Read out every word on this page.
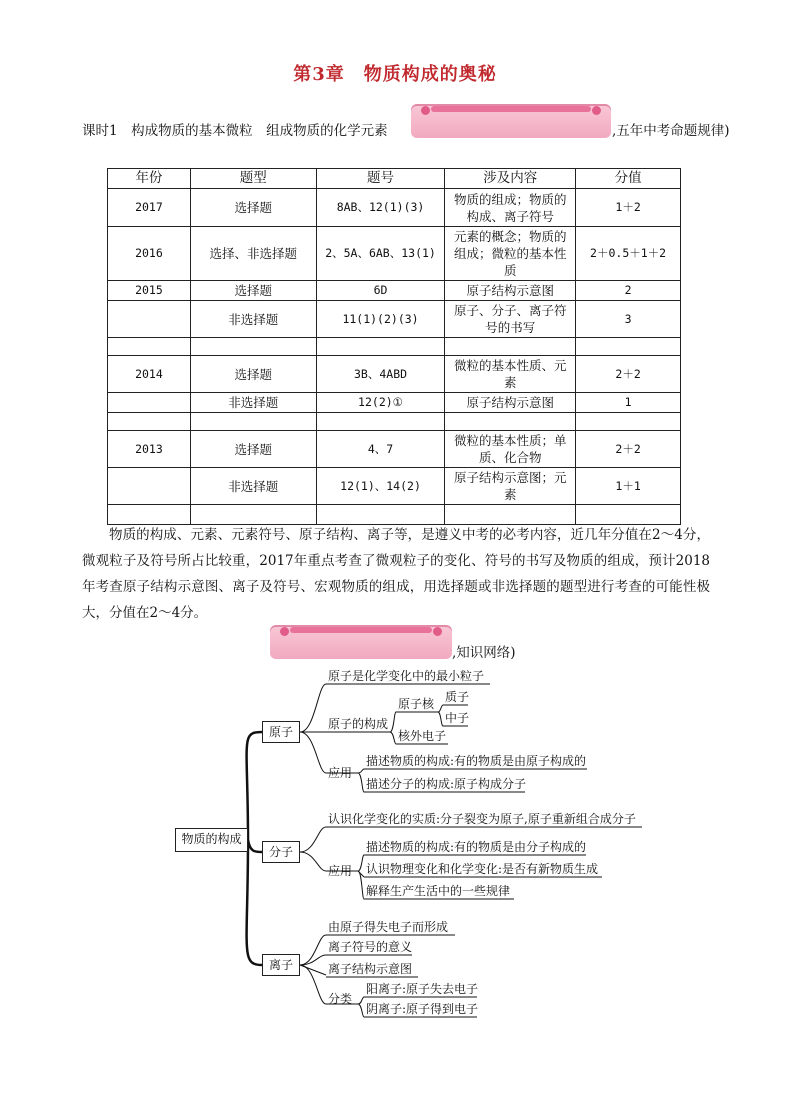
第3章　物质构成的奥秘
课时1　构成物质的基本微粒　组成物质的化学元素	,五年中考命题规律)
年份	题型	题号	涉及内容	分值
2017	选择题	8AB、12(1)(3)	物质的组成；物质的构成、离子符号	1＋2
2016	选择、非选择题	2、5A、6AB、13(1)	元素的概念；物质的组成；微粒的基本性质	2＋0.5＋1＋2
2015	选择题	6D	原子结构示意图	2
	非选择题	11(1)(2)(3)	原子、分子、离子符号的书写	3

2014	选择题	3B、4ABD	微粒的基本性质、元素	2＋2
	非选择题	12(2)①	原子结构示意图	1

2013	选择题	4、7	微粒的基本性质；单质、化合物	2＋2
	非选择题	12(1)、14(2)	原子结构示意图；元素	1＋1

物质的构成、元素、元素符号、原子结构、离子等，是遵义中考的必考内容，近几年分值在2～4分，微观粒子及符号所占比较重，2017年重点考查了微观粒子的变化、符号的书写及物质的组成，预计2018年考查原子结构示意图、离子及符号、宏观物质的组成，用选择题或非选择题的题型进行考查的可能性极大，分值在2～4分。
,知识网络)
物质的构成
原子
分子
离子
原子是化学变化中的最小粒子
原子的构成
原子核 质子
中子
核外电子
应用
描述物质的构成:有的物质是由原子构成的
描述分子的构成:原子构成分子
认识化学变化的实质:分子裂变为原子,原子重新组合成分子
应用
描述物质的构成:有的物质是由分子构成的
认识物理变化和化学变化:是否有新物质生成
解释生产生活中的一些规律
由原子得失电子而形成
离子符号的意义
离子结构示意图
分类
阳离子:原子失去电子
阴离子:原子得到电子
